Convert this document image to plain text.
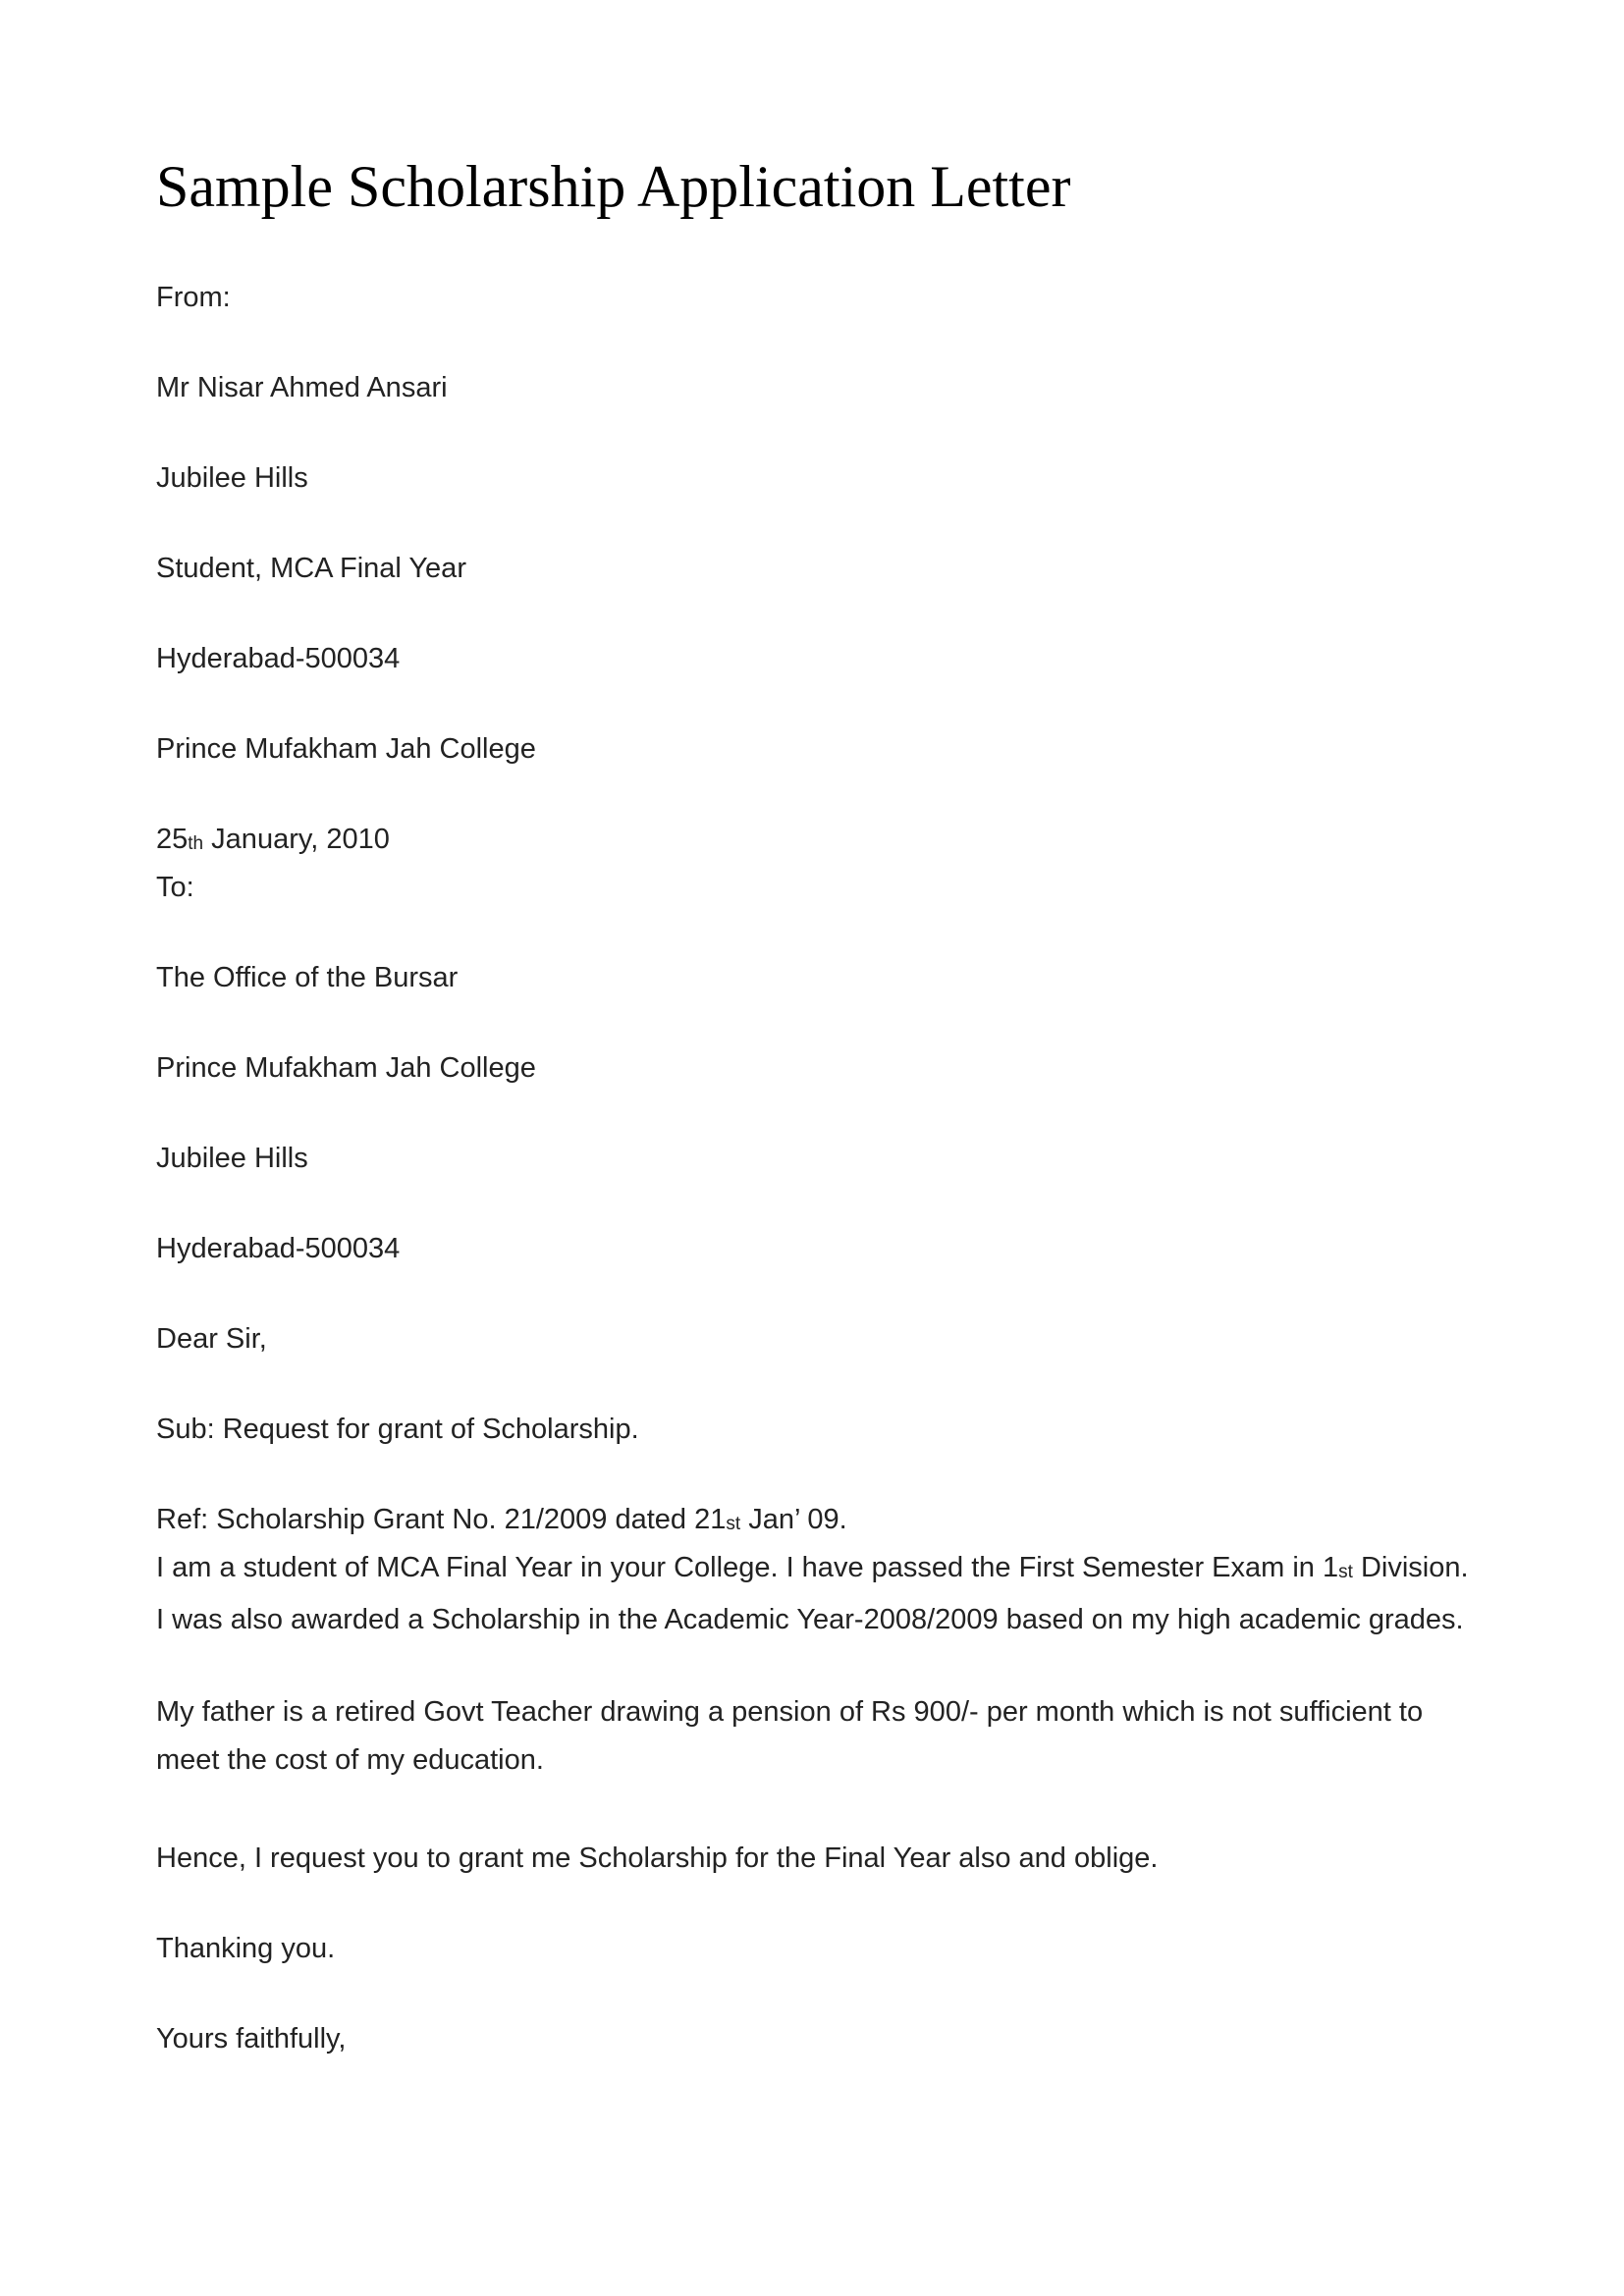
Sample Scholarship Application Letter

From:

Mr Nisar Ahmed Ansari

Jubilee Hills

Student, MCA Final Year

Hyderabad-500034

Prince Mufakham Jah College

25th January, 2010

To:

The Office of the Bursar

Prince Mufakham Jah College

Jubilee Hills

Hyderabad-500034

Dear Sir,

Sub: Request for grant of Scholarship.

Ref: Scholarship Grant No. 21/2009 dated 21st Jan’ 09.

I am a student of MCA Final Year in your College. I have passed the First Semester Exam in 1st Division. I was also awarded a Scholarship in the Academic Year-2008/2009 based on my high academic grades.

My father is a retired Govt Teacher drawing a pension of Rs 900/- per month which is not sufficient to meet the cost of my education.

Hence, I request you to grant me Scholarship for the Final Year also and oblige.

Thanking you.

Yours faithfully,
